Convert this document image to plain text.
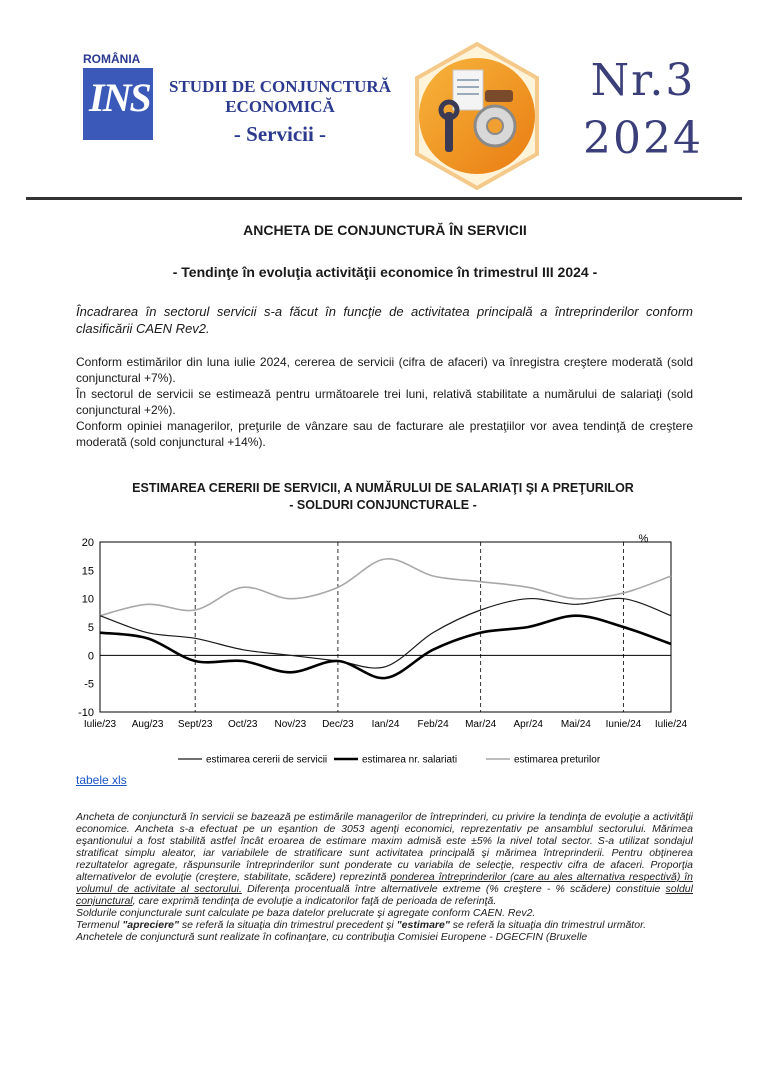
ROMÂNIA
INS	STUDII DE CONJUNCTURĂ
ECONOMICĂ
- Servicii -
Nr.3
2024
ANCHETA DE CONJUNCTURĂ ÎN SERVICII
- Tendinţe în evoluţia activităţii economice în trimestrul III 2024 -
Încadrarea în sectorul servicii s-a făcut în funcţie de activitatea principală a întreprinderilor conform clasificării CAEN Rev2.
Conform estimărilor din luna iulie 2024, cererea de servicii (cifra de afaceri) va înregistra creştere moderată (sold conjunctural +7%).
În sectorul de servicii se estimează pentru următoarele trei luni, relativă stabilitate a numărului de salariaţi (sold conjunctural +2%).
Conform opiniei managerilor, preţurile de vânzare sau de facturare ale prestaţiilor vor avea tendinţă de creştere moderată (sold conjunctural +14%).
ESTIMAREA CERERII DE SERVICII, A NUMĂRULUI DE SALARIAŢI ŞI A PREŢURILOR
- SOLDURI CONJUNCTURALE -
-10
-5
0
5
10
15
20
Iulie/23 Aug/23 Sept/23 Oct/23 Nov/23 Dec/23 Ian/24 Feb/24 Mar/24 Apr/24 Mai/24 Iunie/24 Iulie/24
%
estimarea cererii de servicii	estimarea nr. salariati	estimarea preturilor
tabele xls

Ancheta de conjunctură în servicii se bazează pe estimările managerilor de întreprinderi, cu privire la tendinţa de evoluţie a activităţii economice. Ancheta s-a efectuat pe un eşantion de 3053 agenţi economici, reprezentativ pe ansamblul sectorului. Mărimea eşantionului a fost stabilită astfel încât eroarea de estimare maxim admisă este ±5% la nivel total sector. S-a utilizat sondajul stratificat simplu aleator, iar variabilele de stratificare sunt activitatea principală şi mărimea întreprinderii. Pentru obţinerea rezultatelor agregate, răspunsurile întreprinderilor sunt ponderate cu variabila de selecţie, respectiv cifra de afaceri. Proporţia alternativelor de evoluţie (creştere, stabilitate, scădere) reprezintă ponderea întreprinderilor (care au ales alternativa respectivă) în volumul de activitate al sectorului. Diferenţa procentuală între alternativele extreme (% creştere - % scădere) constituie soldul conjunctural, care exprimă tendinţa de evoluţie a indicatorilor faţă de perioada de referinţă.

Soldurile conjuncturale sunt calculate pe baza datelor prelucrate şi agregate conform CAEN. Rev2.

Termenul "apreciere" se referă la situaţia din trimestrul precedent şi "estimare" se referă la situaţia din trimestrul următor.

Anchetele de conjunctură sunt realizate în cofinanţare, cu contribuţia Comisiei Europene - DGECFIN (Bruxelle
